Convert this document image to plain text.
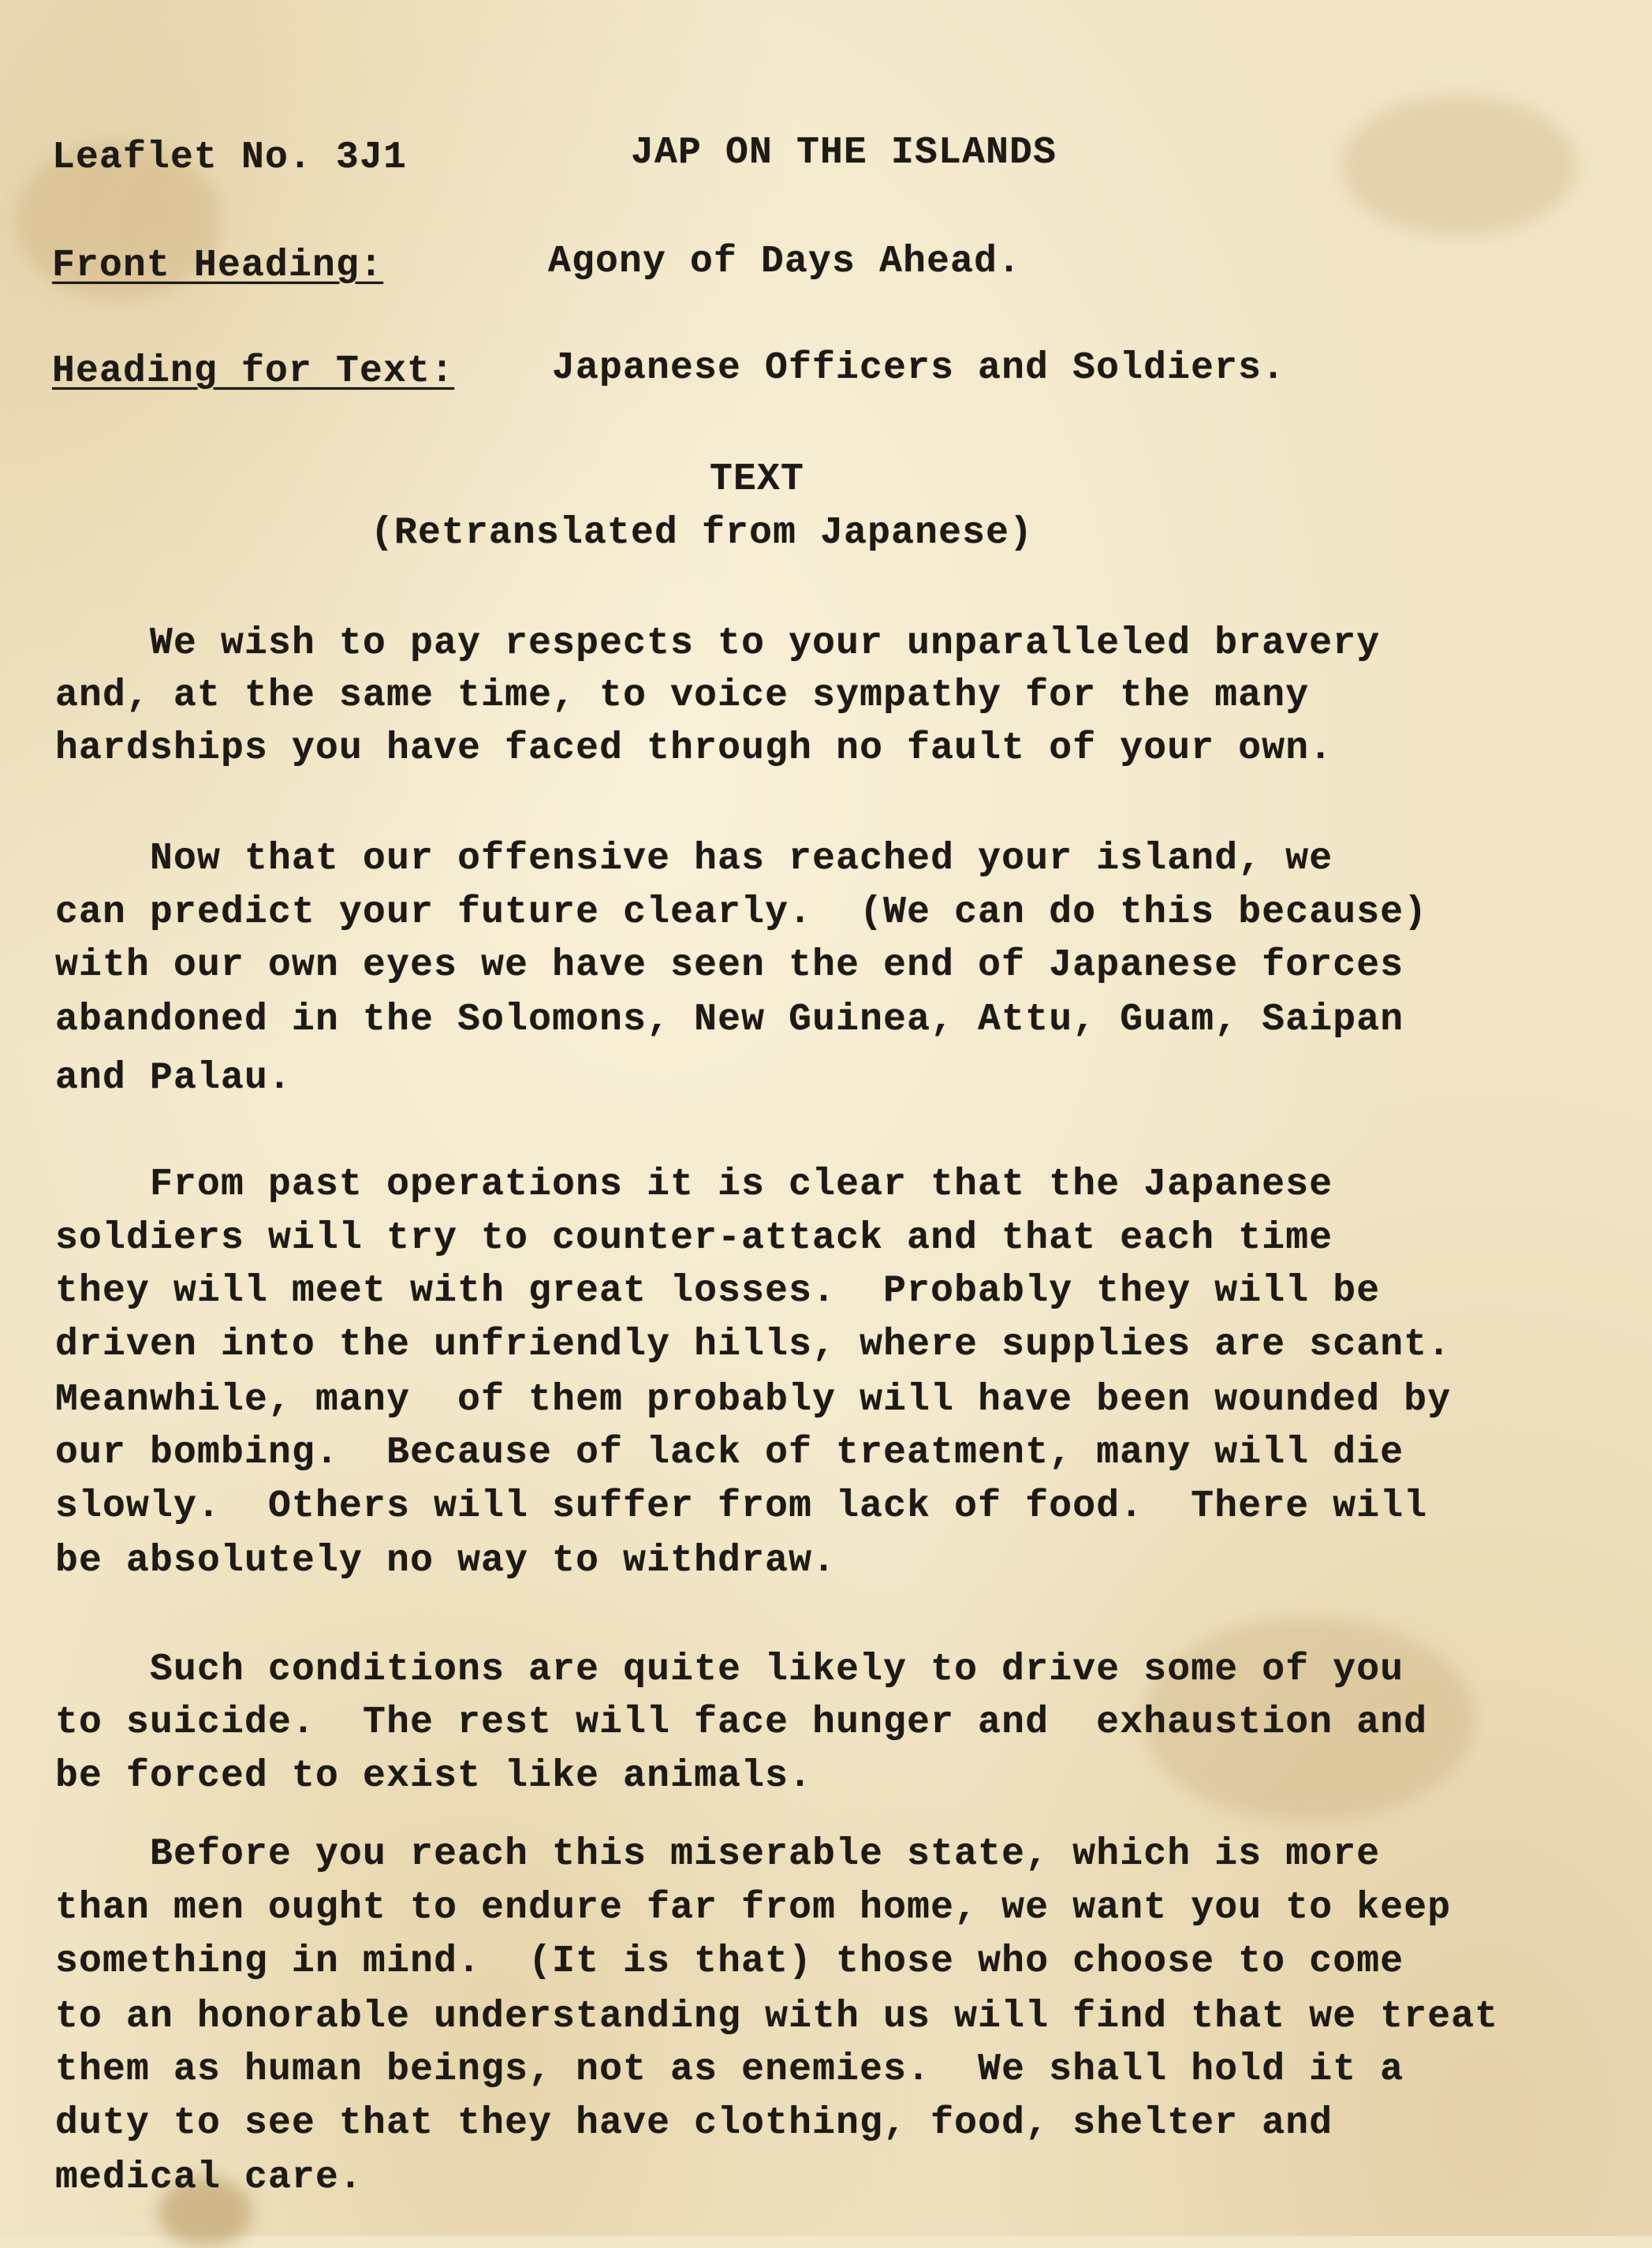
Leaflet No. 3J1	JAP ON THE ISLANDS
Front Heading:	Agony of Days Ahead.
Heading for Text:	Japanese Officers and Soldiers.
TEXT
(Retranslated from Japanese)
We wish to pay respects to your unparalleled bravery
and, at the same time, to voice sympathy for the many
hardships you have faced through no fault of your own.
Now that our offensive has reached your island, we
can predict your future clearly.  (We can do this because)
with our own eyes we have seen the end of Japanese forces
abandoned in the Solomons, New Guinea, Attu, Guam, Saipan
and Palau.
From past operations it is clear that the Japanese
soldiers will try to counter-attack and that each time
they will meet with great losses.  Probably they will be
driven into the unfriendly hills, where supplies are scant.
Meanwhile, many  of them probably will have been wounded by
our bombing.  Because of lack of treatment, many will die
slowly.  Others will suffer from lack of food.  There will
be absolutely no way to withdraw.
Such conditions are quite likely to drive some of you
to suicide.  The rest will face hunger and  exhaustion and
be forced to exist like animals.
Before you reach this miserable state, which is more
than men ought to endure far from home, we want you to keep
something in mind.  (It is that) those who choose to come
to an honorable understanding with us will find that we treat
them as human beings, not as enemies.  We shall hold it a
duty to see that they have clothing, food, shelter and
medical care.
